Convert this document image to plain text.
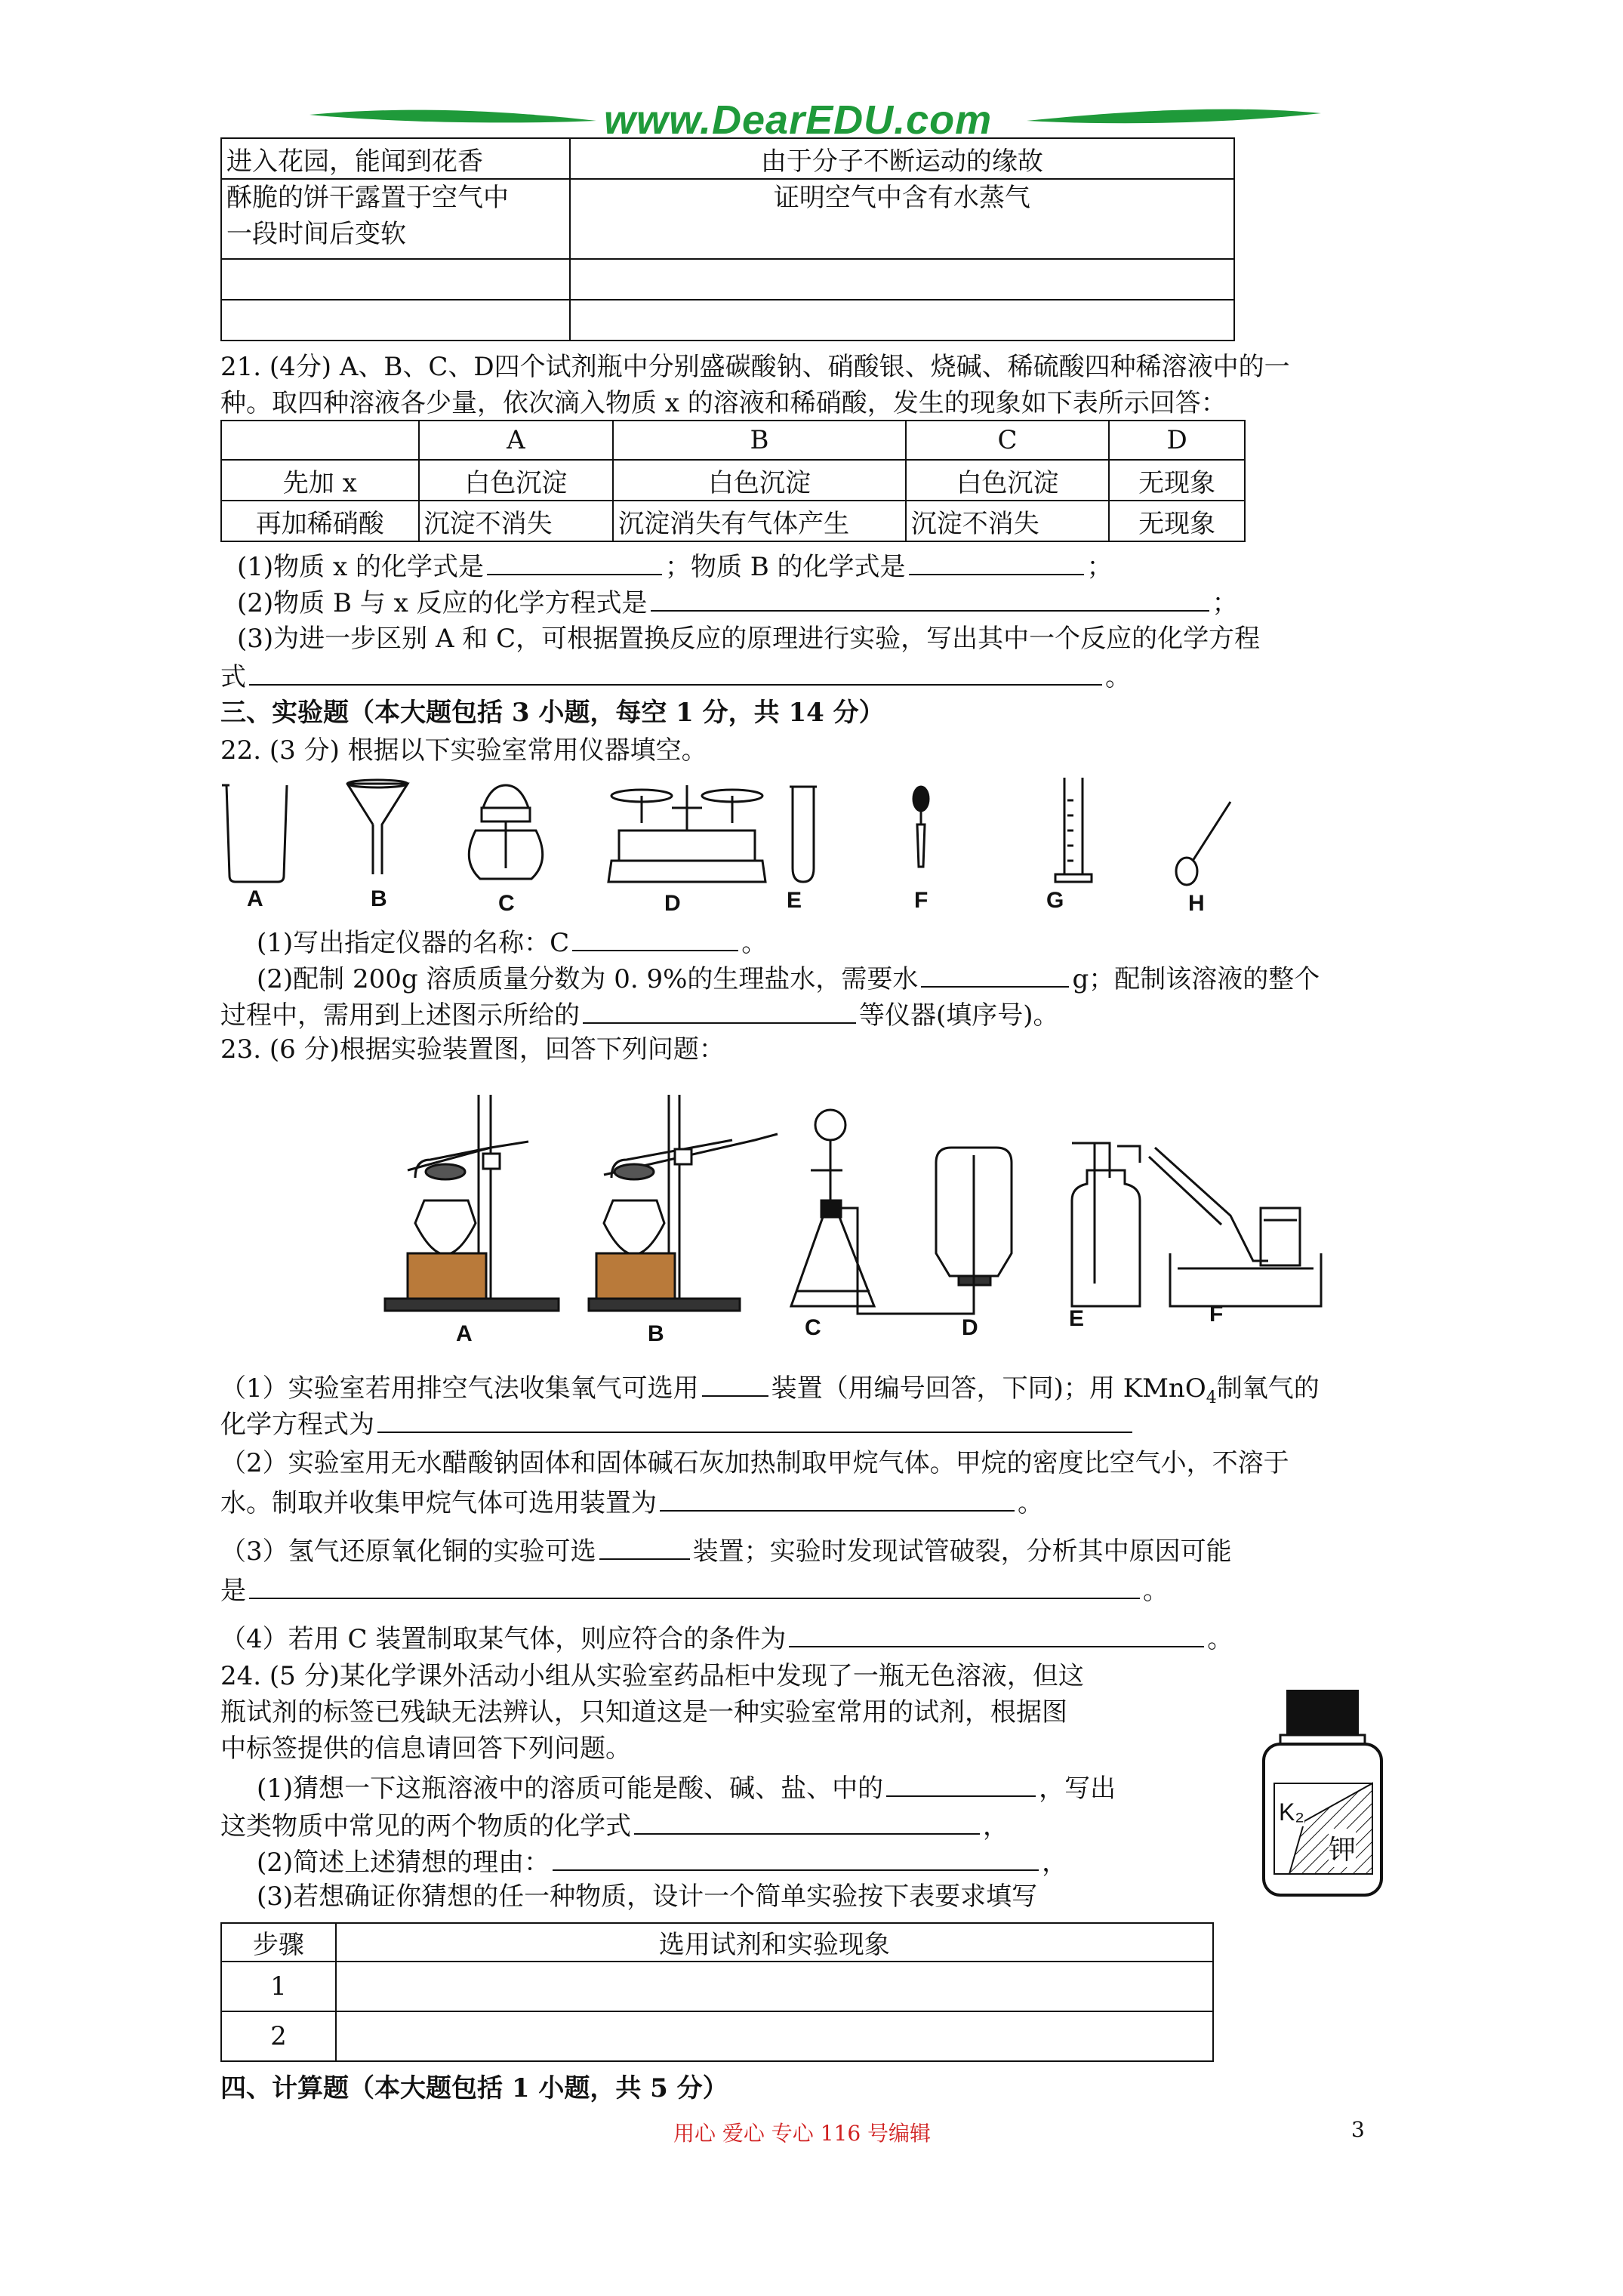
www.DearEDU.com
进入花园，能闻到花香	由于分子不断运动的缘故
酥脆的饼干露置于空气中
一段时间后变软	证明空气中含有水蒸气

21. (4分) A、B、C、D四个试剂瓶中分别盛碳酸钠、硝酸银、烧碱、稀硫酸四种稀溶液中的一
种。取四种溶液各少量，依次滴入物质 x 的溶液和稀硝酸，发生的现象如下表所示回答：
	A	B	C	D
先加 x	白色沉淀	白色沉淀	白色沉淀	无现象
再加稀硝酸	沉淀不消失	沉淀消失有气体产生	沉淀不消失	无现象
(1)物质 x 的化学式是	；物质 B 的化学式是	；
(2)物质 B 与 x 反应的化学方程式是	；
(3)为进一步区别 A 和 C，可根据置换反应的原理进行实验，写出其中一个反应的化学方程
式	。
三、实验题（本大题包括 3 小题，每空 1 分，共 14 分）
22. (3 分) 根据以下实验室常用仪器填空。
A	B	C	D	E	F	G	H
(1)写出指定仪器的名称：C	。
(2)配制 200g 溶质质量分数为 0. 9%的生理盐水，需要水	g；配制该溶液的整个
过程中，需用到上述图示所给的	等仪器(填序号)。
23. (6 分)根据实验装置图，回答下列问题：
A	B	C	D	E	F
（1）实验室若用排空气法收集氧气可选用	装置（用编号回答，下同)；用 KMnO$_4$制氧气的
化学方程式为
（2）实验室用无水醋酸钠固体和固体碱石灰加热制取甲烷气体。甲烷的密度比空气小，不溶于
水。制取并收集甲烷气体可选用装置为	。
（3）氢气还原氧化铜的实验可选	装置；实验时发现试管破裂，分析其中原因可能
是	。
（4）若用 C 装置制取某气体，则应符合的条件为	。
24. (5 分)某化学课外活动小组从实验室药品柜中发现了一瓶无色溶液，但这
瓶试剂的标签已残缺无法辨认，只知道这是一种实验室常用的试剂，根据图
中标签提供的信息请回答下列问题。
(1)猜想一下这瓶溶液中的溶质可能是酸、碱、盐、中的	，写出
这类物质中常见的两个物质的化学式	，
(2)简述上述猜想的理由：	，
(3)若想确证你猜想的任一种物质，设计一个简单实验按下表要求填写
K₂
钾
步骤	选用试剂和实验现象
1	
2	
四、计算题（本大题包括 1 小题，共 5 分）
用心 爱心 专心 116 号编辑	3
